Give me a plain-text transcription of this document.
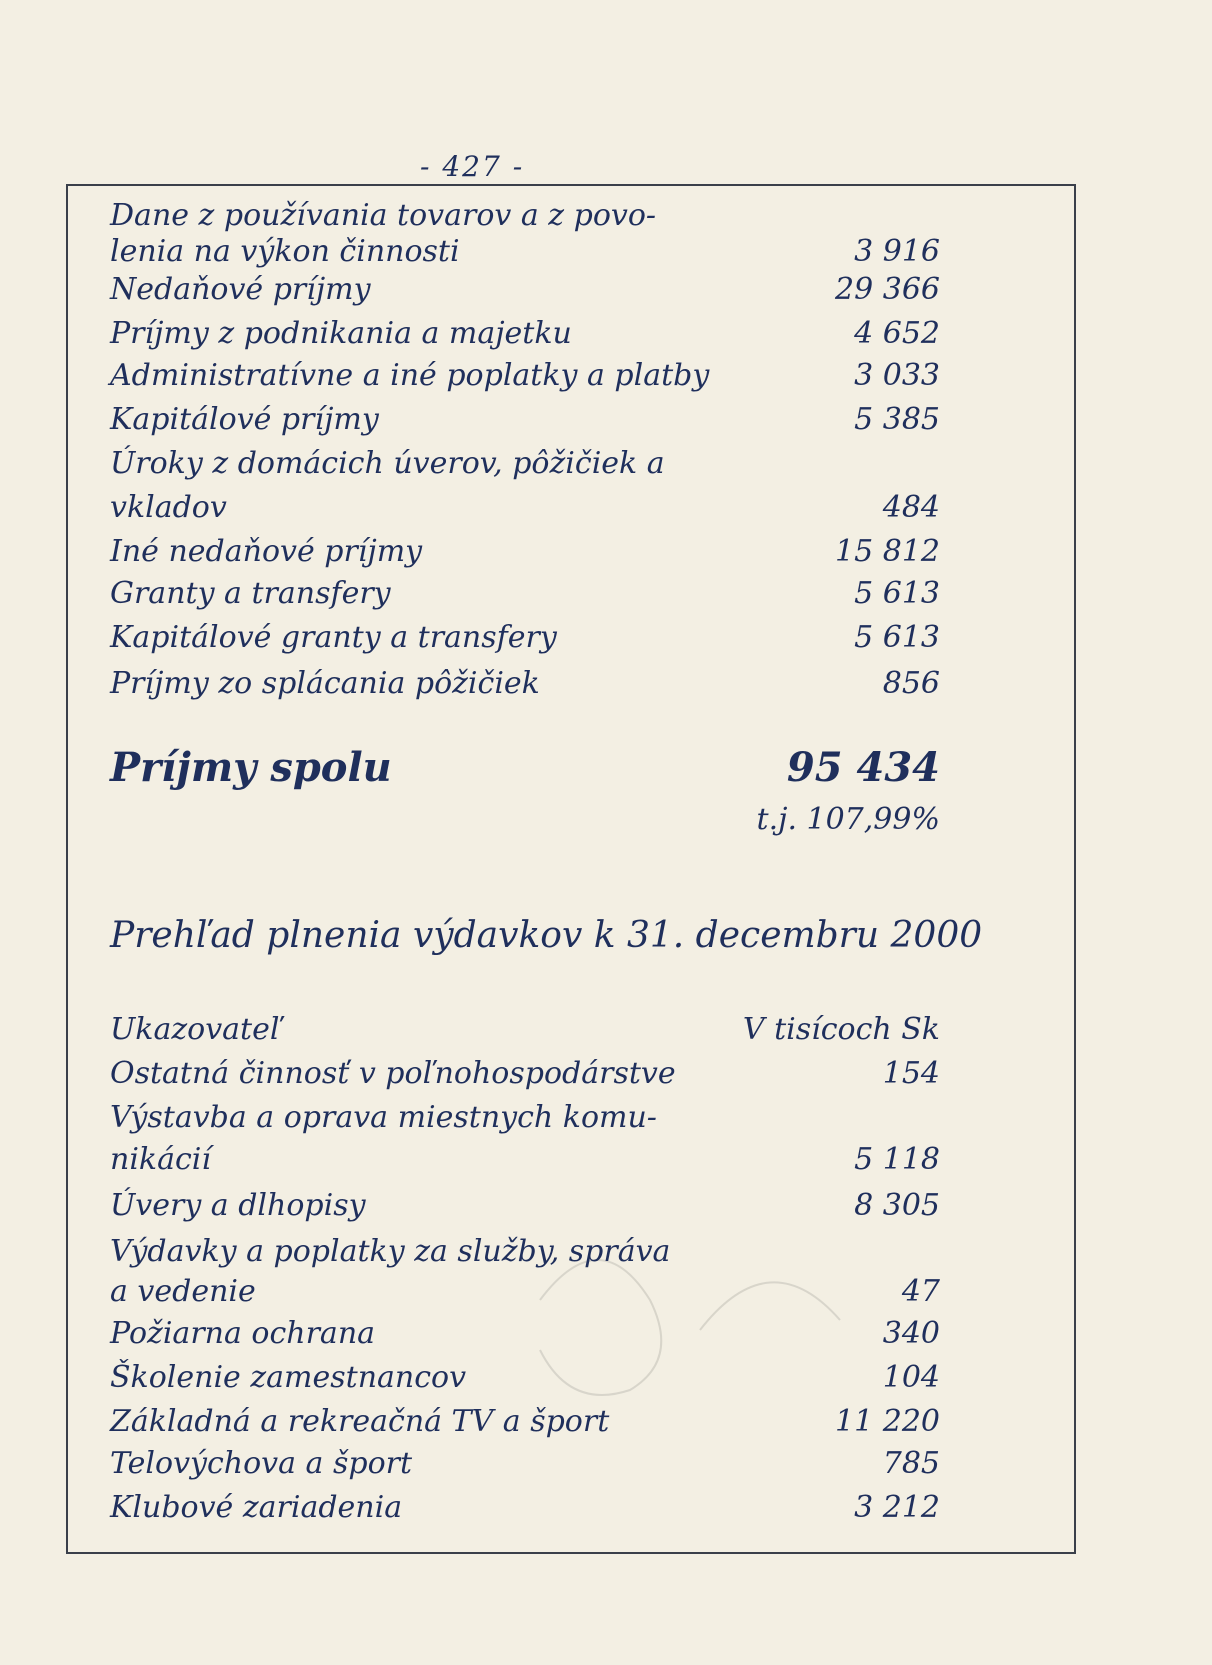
- 427 -
Dane z používania tovarov a z povo-
lenia na výkon činnosti	3 916
Nedaňové príjmy	29 366
Príjmy z podnikania a majetku	4 652
Administratívne a iné poplatky a platby	3 033
Kapitálové príjmy	5 385
Úroky z domácich úverov, pôžičiek a
vkladov	484
Iné nedaňové príjmy	15 812
Granty a transfery	5 613
Kapitálové granty a transfery	5 613
Príjmy zo splácania pôžičiek	856
Príjmy spolu	95 434
t.j. 107,99%
Prehľad plnenia výdavkov k 31. decembru 2000
Ukazovateľ	V tisícoch Sk
Ostatná činnosť v poľnohospodárstve	154
Výstavba a oprava miestnych komu-
nikácií	5 118
Úvery a dlhopisy	8 305
Výdavky a poplatky za služby, správa
a vedenie	47
Požiarna ochrana	340
Školenie zamestnancov	104
Základná a rekreačná TV a šport	11 220
Telovýchova a šport	785
Klubové zariadenia	3 212
